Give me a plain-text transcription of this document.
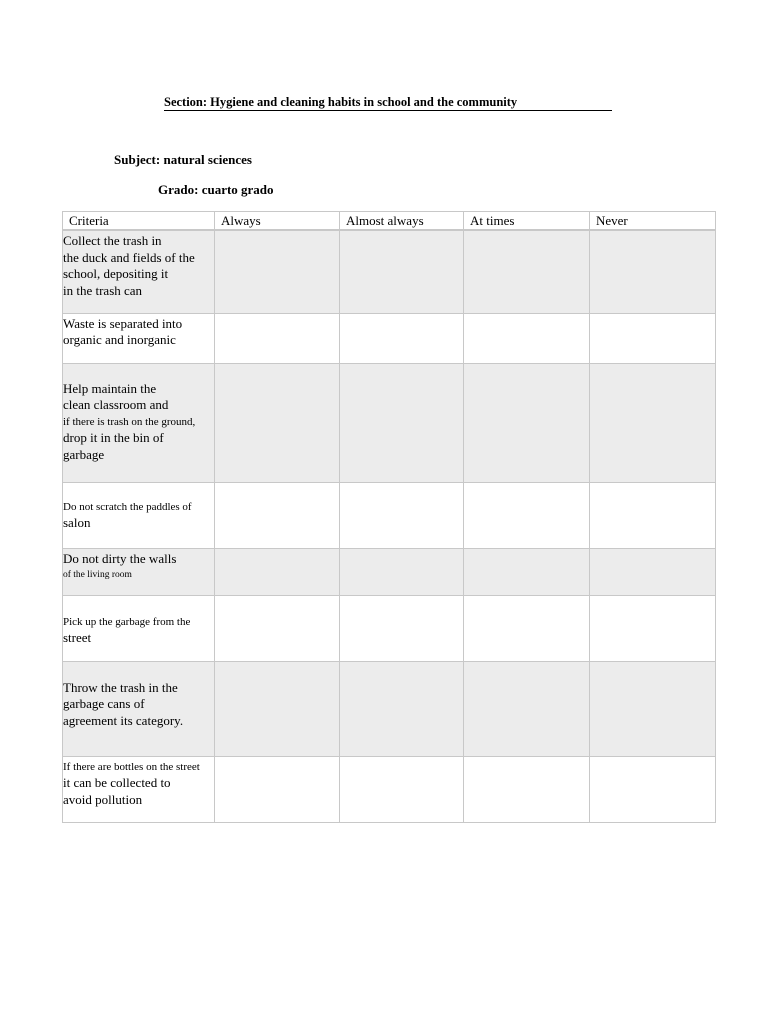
Section: Hygiene and cleaning habits in school and the community
Subject: natural sciences
Grado: cuarto grado
Criteria	Always	Almost always	At times	Never

Collect the trash in
the duck and fields of the
school, depositing it
in the trash can				

Waste is separated into
organic and inorganic				

Help maintain the
clean classroom and
if there is trash on the ground,
drop it in the bin of
garbage				

Do not scratch the paddles of
salon				

Do not dirty the walls
of the living room				

Pick up the garbage from the
street				

Throw the trash in the
garbage cans of
agreement its category.				

If there are bottles on the street
it can be collected to
avoid pollution				
